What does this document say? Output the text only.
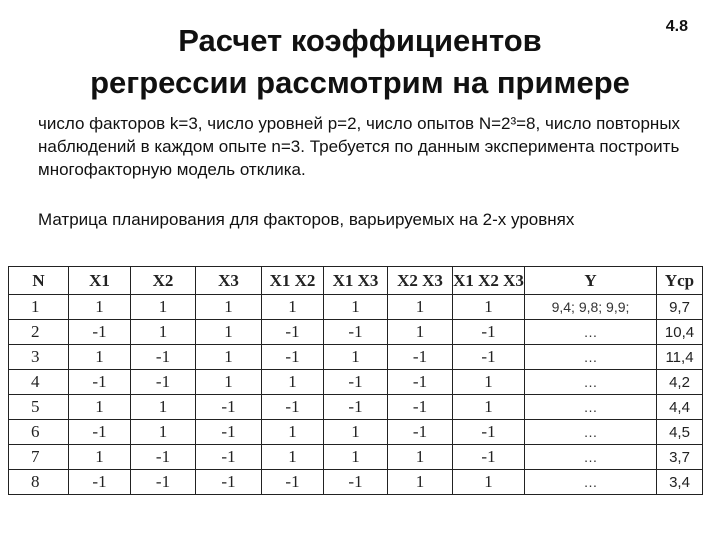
4.8
Расчет коэффициентов
регрессии рассмотрим на примере
число факторов k=3, число уровней p=2, число опытов N=2³=8, число повторных наблюдений в каждом опыте n=3. Требуется по данным эксперимента построить многофакторную модель отклика.
Матрица планирования для факторов, варьируемых на 2-х уровнях
N	X1	X2	X3	X1 X2	X1 X3	X2 X3	X1 X2 X3	Y	Yср
1	1	1	1	1	1	1	1	9,4; 9,8; 9,9;	9,7
2	-1	1	1	-1	-1	1	-1	…	10,4
3	1	-1	1	-1	1	-1	-1	…	11,4
4	-1	-1	1	1	-1	-1	1	…	4,2
5	1	1	-1	-1	-1	-1	1	…	4,4
6	-1	1	-1	1	1	-1	-1	…	4,5
7	1	-1	-1	1	1	1	-1	…	3,7
8	-1	-1	-1	-1	-1	1	1	…	3,4
